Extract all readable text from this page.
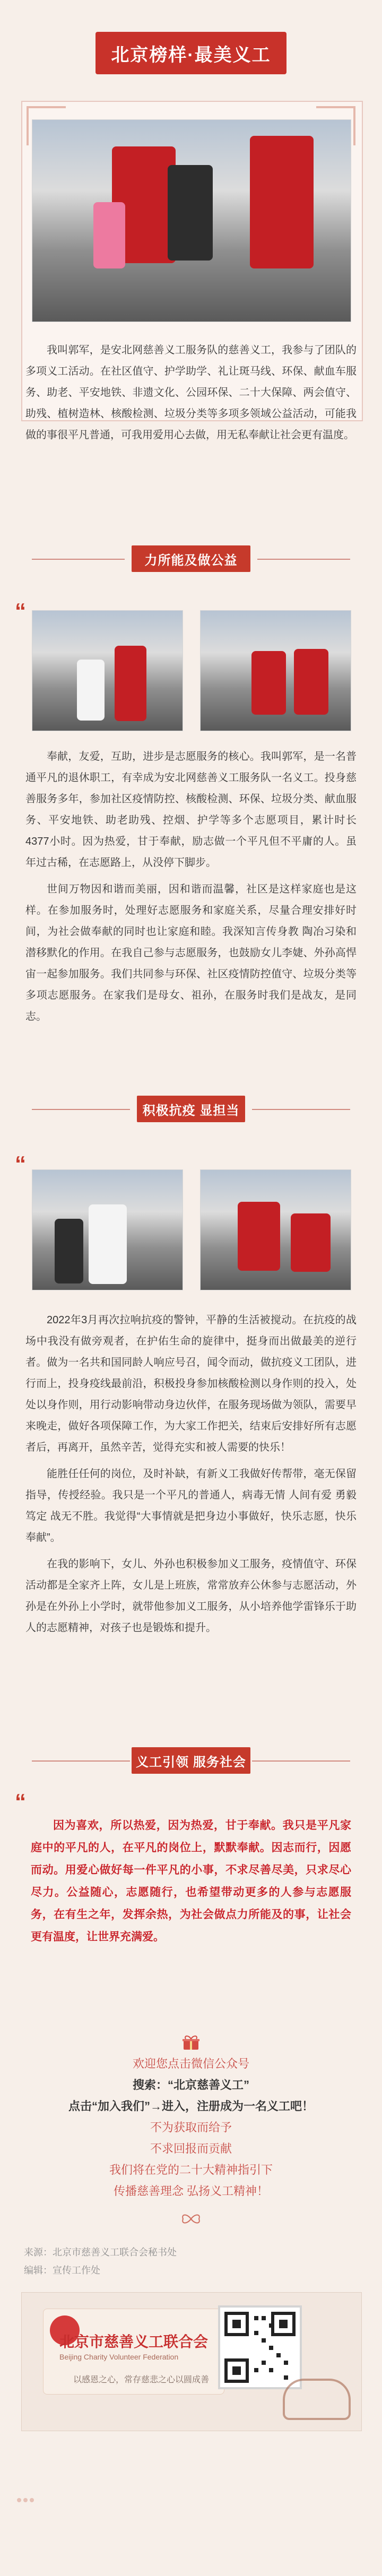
北京榜样·最美义工

我叫郭军，是安北网慈善义工服务队的慈善义工，我参与了团队的多项义工活动。在社区值守、护学助学、礼让斑马线、环保、献血车服务、助老、平安地铁、非遗文化、公园环保、二十大保障、两会值守、助残、植树造林、核酸检测、垃圾分类等多项多领域公益活动，可能我做的事很平凡普通，可我用爱用心去做，用无私奉献让社会更有温度。

力所能及做公益
“

奉献，友爱，互助，进步是志愿服务的核心。我叫郭军，是一名普通平凡的退休职工，有幸成为安北网慈善义工服务队一名义工。投身慈善服务多年，参加社区疫情防控、核酸检测、环保、垃圾分类、献血服务、平安地铁、助老助残、控烟、护学等多个志愿项目，累计时长4377小时。因为热爱，甘于奉献，励志做一个平凡但不平庸的人。虽年过古稀，在志愿路上，从没停下脚步。

世间万物因和谐而美丽，因和谐而温馨，社区是这样家庭也是这样。在参加服务时，处理好志愿服务和家庭关系，尽量合理安排好时间，为社会做奉献的同时也让家庭和睦。我深知言传身教 陶冶习染和潜移默化的作用。在我自己参与志愿服务，也鼓励女儿李婕、外孙高悍宙一起参加服务。我们共同参与环保、社区疫情防控值守、垃圾分类等多项志愿服务。在家我们是母女、祖孙，在服务时我们是战友，是同志。

积极抗疫 显担当
“

2022年3月再次拉响抗疫的警钟，平静的生活被搅动。在抗疫的战场中我没有做旁观者，在护佑生命的旋律中，挺身而出做最美的逆行者。做为一名共和国同龄人响应号召，闻令而动，做抗疫义工团队，进行而上，投身疫线最前沿，积极投身参加核酸检测以身作则的投入，处处以身作则，用行动影响带动身边伙伴，在服务现场做为领队，需要早来晚走，做好各项保障工作，为大家工作把关，结束后安排好所有志愿者后，再离开，虽然辛苦，觉得充实和被人需要的快乐！

能胜任任何的岗位，及时补缺，有新义工我做好传帮带，毫无保留指导，传授经验。我只是一个平凡的普通人，病毒无情 人间有爱 勇毅笃定 战无不胜。我觉得“大事情就是把身边小事做好，快乐志愿，快乐奉献”。

在我的影响下，女儿、外孙也积极参加义工服务，疫情值守、环保活动都是全家齐上阵，女儿是上班族，常常放弃公休参与志愿活动，外孙是在外孙上小学时，就带他参加义工服务，从小培养他学雷锋乐于助人的志愿精神，对孩子也是锻炼和提升。

义工引领 服务社会
“

因为喜欢，所以热爱，因为热爱，甘于奉献。我只是平凡家庭中的平凡的人，在平凡的岗位上，默默奉献。因志而行，因愿而动。用爱心做好每一件平凡的小事，不求尽善尽美，只求尽心尽力。公益随心，志愿随行，也希望带动更多的人参与志愿服务，在有生之年，发挥余热，为社会做点力所能及的事，让社会更有温度，让世界充满爱。

欢迎您点击微信公众号
搜索：“北京慈善义工”
点击“加入我们”→进入，注册成为一名义工吧！
不为获取而给予
不求回报而贡献
我们将在党的二十大精神指引下
传播慈善理念 弘扬义工精神！
来源：北京市慈善义工联合会秘书处
编辑：宣传工作处
北京市慈善义工联合会
Beijing Charity Volunteer Federation
以感恩之心，常存慈悲之心以圆成善
